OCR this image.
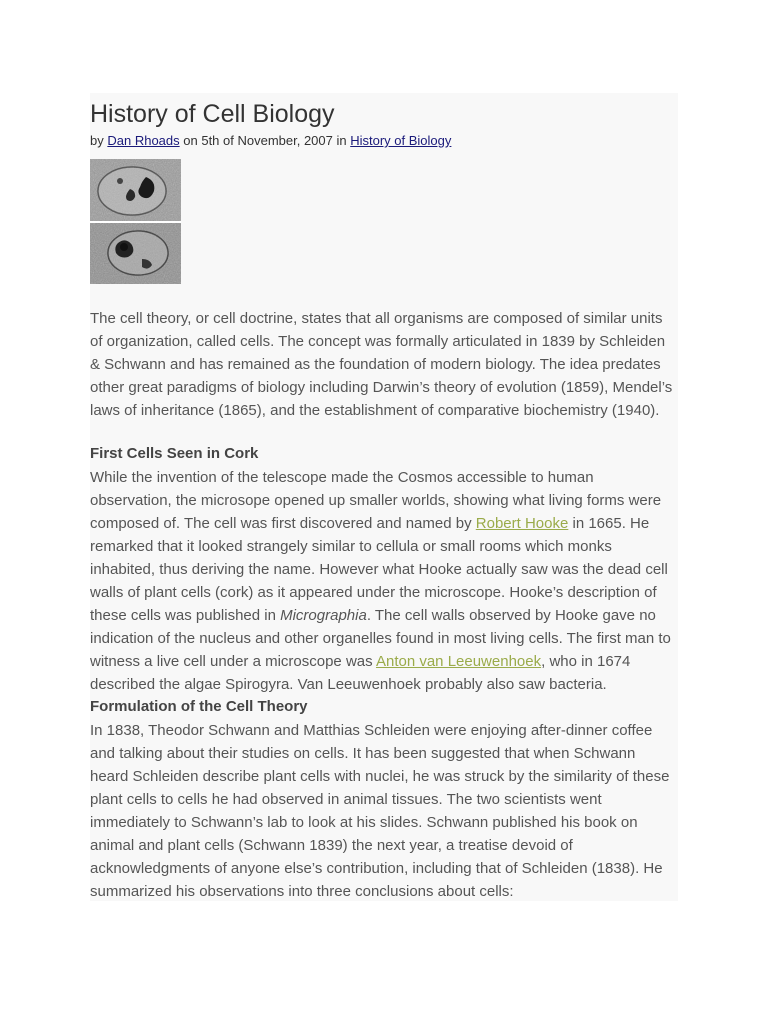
History of Cell Biology
by Dan Rhoads on 5th of November, 2007 in History of Biology

The cell theory, or cell doctrine, states that all organisms are composed of similar units
of organization, called cells. The concept was formally articulated in 1839 by Schleiden
& Schwann and has remained as the foundation of modern biology. The idea predates
other great paradigms of biology including Darwin’s theory of evolution (1859), Mendel’s
laws of inheritance (1865), and the establishment of comparative biochemistry (1940).

First Cells Seen in Cork

While the invention of the telescope made the Cosmos accessible to human
observation, the microsope opened up smaller worlds, showing what living forms were
composed of. The cell was first discovered and named by Robert Hooke in 1665. He
remarked that it looked strangely similar to cellula or small rooms which monks
inhabited, thus deriving the name. However what Hooke actually saw was the dead cell
walls of plant cells (cork) as it appeared under the microscope. Hooke’s description of
these cells was published in Micrographia. The cell walls observed by Hooke gave no
indication of the nucleus and other organelles found in most living cells. The first man to
witness a live cell under a microscope was Anton van Leeuwenhoek, who in 1674
described the algae Spirogyra. Van Leeuwenhoek probably also saw bacteria.

Formulation of the Cell Theory

In 1838, Theodor Schwann and Matthias Schleiden were enjoying after-dinner coffee
and talking about their studies on cells. It has been suggested that when Schwann
heard Schleiden describe plant cells with nuclei, he was struck by the similarity of these
plant cells to cells he had observed in animal tissues. The two scientists went
immediately to Schwann’s lab to look at his slides. Schwann published his book on
animal and plant cells (Schwann 1839) the next year, a treatise devoid of
acknowledgments of anyone else’s contribution, including that of Schleiden (1838). He
summarized his observations into three conclusions about cells:
